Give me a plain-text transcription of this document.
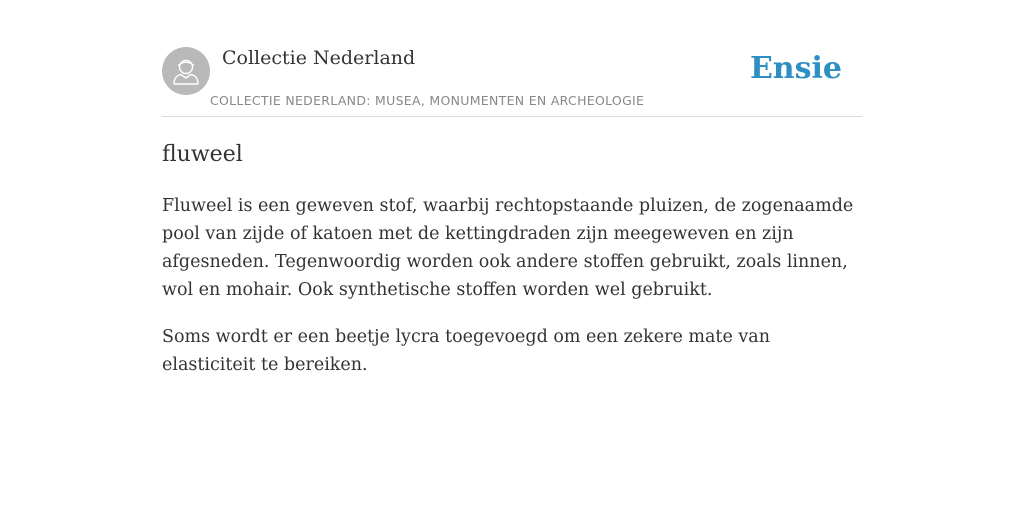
Collectie Nederland
COLLECTIE NEDERLAND: MUSEA, MONUMENTEN EN ARCHEOLOGIE
Ensie
fluweel

Fluweel is een geweven stof, waarbij rechtopstaande pluizen, de zogenaamde pool van zijde of katoen met de kettingdraden zijn meegeweven en zijn afgesneden. Tegenwoordig worden ook andere stoffen gebruikt, zoals linnen, wol en mohair. Ook synthetische stoffen worden wel gebruikt.

Soms wordt er een beetje lycra toegevoegd om een zekere mate van elasticiteit te bereiken.
